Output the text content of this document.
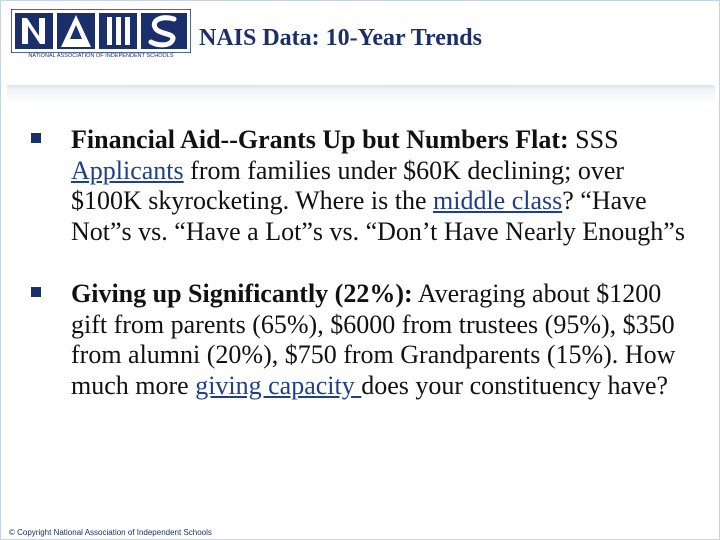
NATIONAL ASSOCIATION OF INDEPENDENT SCHOOLS
NAIS Data: 10-Year Trends
Financial Aid--Grants Up but Numbers Flat: SSS Applicants from families under $60K declining; over $100K skyrocketing. Where is the middle class? “Have Not”s vs. “Have a Lot”s vs. “Don’t Have Nearly Enough”s
Giving up Significantly (22%): Averaging about $1200 gift from parents (65%), $6000 from trustees (95%), $350 from alumni (20%), $750 from Grandparents (15%). How much more giving capacity does your constituency have?
© Copyright National Association of Independent Schools
